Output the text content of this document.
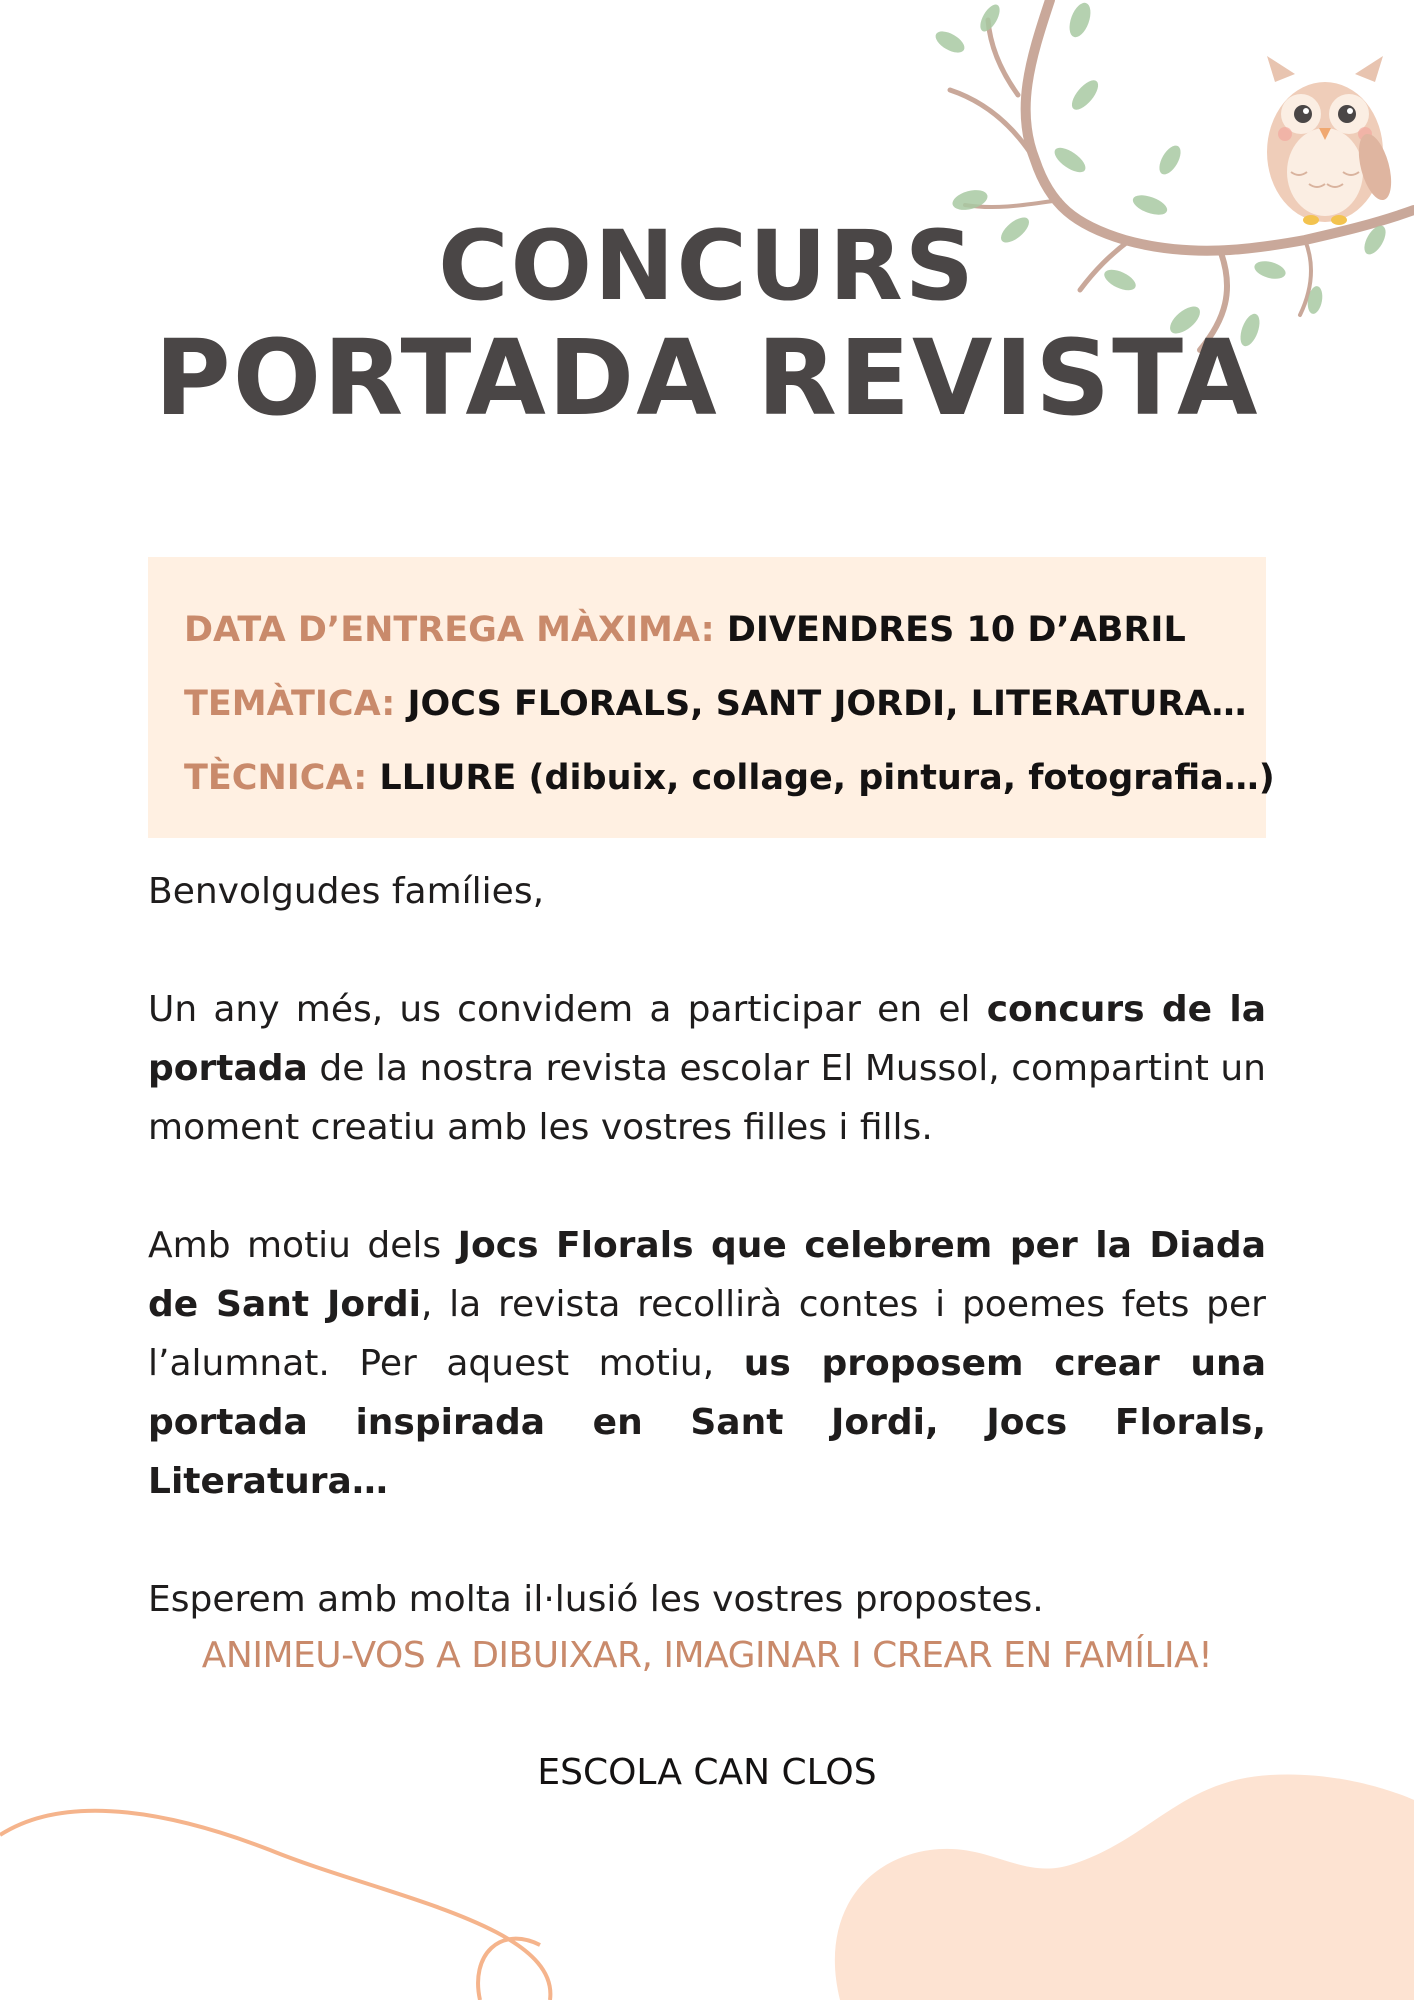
CONCURS
PORTADA REVISTA
DATA D’ENTREGA MÀXIMA: DIVENDRES 10 D’ABRIL
TEMÀTICA: JOCS FLORALS, SANT JORDI, LITERATURA…
TÈCNICA: LLIURE (dibuix, collage, pintura, fotografia…)

Benvolgudes famílies,

Un any més, us convidem a participar en el concurs de la portada de la nostra revista escolar El Mussol, compartint un moment creatiu amb les vostres filles i fills.

Amb motiu dels Jocs Florals que celebrem per la Diada de Sant Jordi, la revista recollirà contes i poemes fets per l’alumnat. Per aquest motiu, us proposem crear una portada inspirada en Sant Jordi, Jocs Florals, Literatura…

Esperem amb molta il·lusió les vostres propostes.

ANIMEU-VOS A DIBUIXAR, IMAGINAR I CREAR EN FAMÍLIA!
ESCOLA CAN CLOS
